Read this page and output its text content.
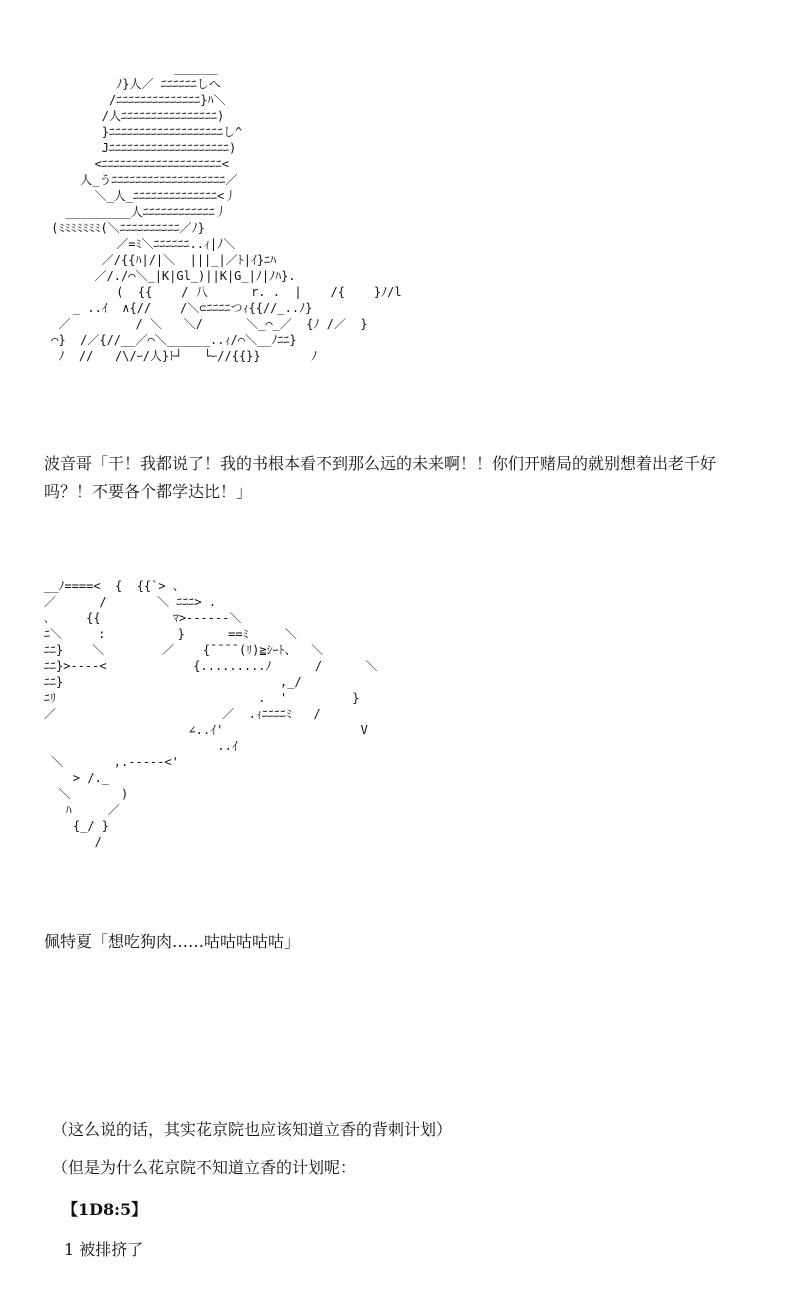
______
ﾉ}人／ ﾆﾆﾆﾆﾆﾆしへ
/ﾆﾆﾆﾆﾆﾆﾆﾆﾆﾆﾆﾆﾆﾆ}ﾊ＼
/人ﾆﾆﾆﾆﾆﾆﾆﾆﾆﾆﾆﾆﾆﾆﾆﾆ)
}ﾆﾆﾆﾆﾆﾆﾆﾆﾆﾆﾆﾆﾆﾆﾆﾆﾆﾆﾆし^
Jﾆﾆﾆﾆﾆﾆﾆﾆﾆﾆﾆﾆﾆﾆﾆﾆﾆﾆﾆﾆ)
<ﾆﾆﾆﾆﾆﾆﾆﾆﾆﾆﾆﾆﾆﾆﾆﾆﾆﾆﾆﾆ<
人_うﾆﾆﾆﾆﾆﾆﾆﾆﾆﾆﾆﾆﾆﾆﾆﾆﾆﾆﾆ／
＼_人_ﾆﾆﾆﾆﾆﾆﾆﾆﾆﾆﾆﾆﾆﾆ<丿
_________人ﾆﾆﾆﾆﾆﾆﾆﾆﾆﾆﾆﾆ丿
(ﾐﾐﾐﾐﾐﾐﾐ(＼ﾆﾆﾆﾆﾆﾆﾆﾆﾆﾆ／ﾉ}
／=ﾐ＼ﾆﾆﾆﾆﾆﾆ..ｨ|ﾉ＼
／/{{ﾊ|/|＼  |||_|／ﾄ|ｲ}ﾆﾊ
／/./⌒＼_|K|Gl_)||K|G_|ﾉ|ﾉﾊ}.
(  {{    / 八      r. .  |    /{    }ﾉ/l
_ ..ｲ  ∧{//    /＼⊂ﾆﾆﾆﾆつｨ{{//_..ﾉ}
／         / ＼   ＼/      ＼_⌒_／  {ﾉ /／  }
⌒}  /／{//__／⌒＼______..ｨ/⌒＼__ﾉﾆﾆ}
ﾉ  //   /\/ｰ/人}ﾄ┘   └ｰ//{{}}       ﾉ
波音哥「干！我都说了！我的书根本看不到那么远的未来啊！！你们开赌局的就别想着出老千好吗？！不要各个都学达比！」
__ﾉ====<  {  {{`> 、
／      /       ＼ ﾆﾆﾆ> .
､     {{          ﾏ>------＼
ﾆ＼     :          }      ==ﾐ     ＼
ﾆﾆ}    ＼        ／    {¯¯¯¯(ﾘ)≧ｼｰﾄ、  ＼
ﾆﾆ}>----<            {.........ﾉ      /      ＼
ﾆﾆ}                              ,_/
ﾆﾘ                            .  '         }
／                       ／  .ｨﾆﾆﾆﾆﾐ   /
∠..ｲ'                   V
..ｲ
＼       ,.-----<'
> /._
＼       )
ﾊ     ／
{_/ }
/
佩特夏「想吃狗肉……咕咕咕咕咕」
（这么说的话，其实花京院也应该知道立香的背刺计划）
（但是为什么花京院不知道立香的计划呢：
【1D8:5】
1 被排挤了
